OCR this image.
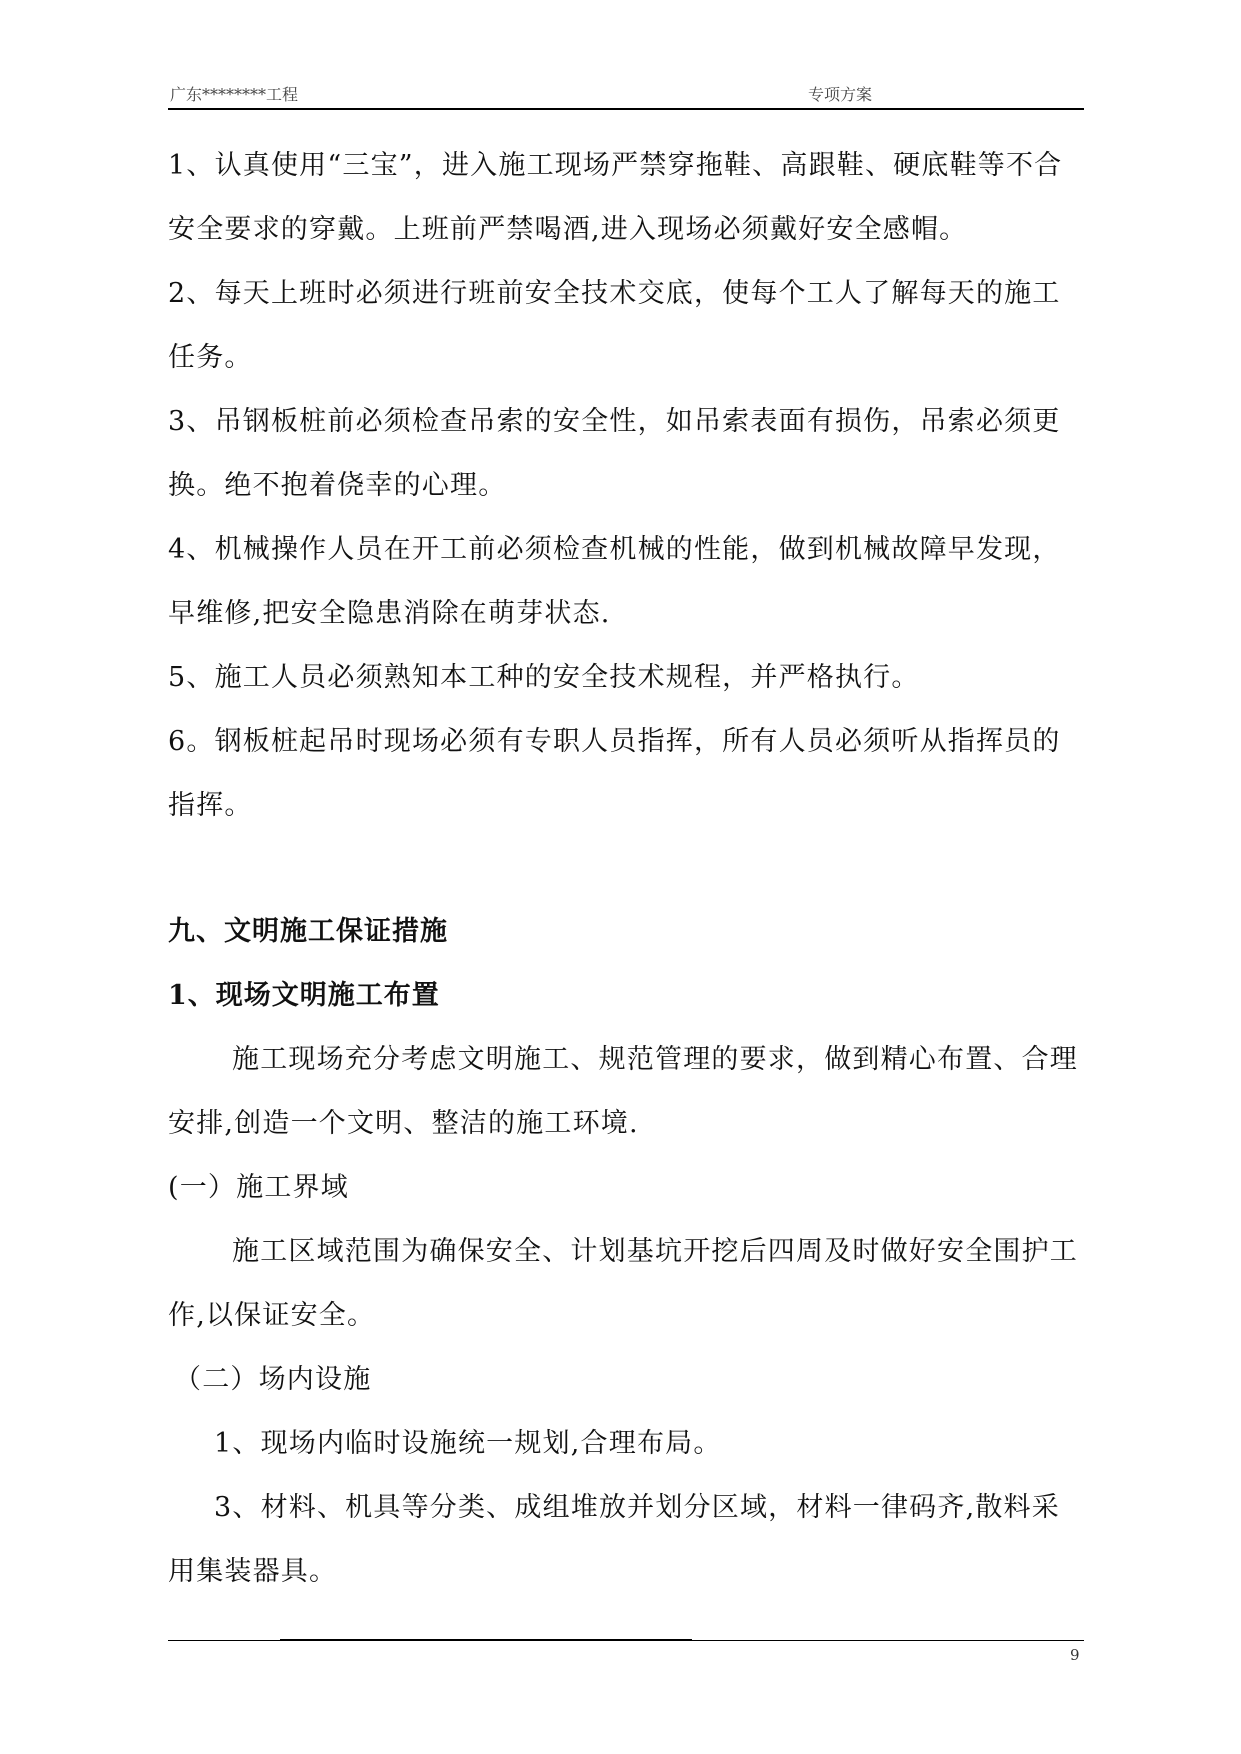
广东********工程	专项方案

1、认真使用“三宝”，进入施工现场严禁穿拖鞋、高跟鞋、硬底鞋等不合安全要求的穿戴。上班前严禁喝酒,进入现场必须戴好安全感帽。

2、每天上班时必须进行班前安全技术交底，使每个工人了解每天的施工任务。

3、吊钢板桩前必须检查吊索的安全性，如吊索表面有损伤，吊索必须更换。绝不抱着侥幸的心理。

4、机械操作人员在开工前必须检查机械的性能，做到机械故障早发现，早维修,把安全隐患消除在萌芽状态.

5、施工人员必须熟知本工种的安全技术规程，并严格执行。

6。钢板桩起吊时现场必须有专职人员指挥，所有人员必须听从指挥员的指挥。

九、文明施工保证措施

1、现场文明施工布置

施工现场充分考虑文明施工、规范管理的要求，做到精心布置、合理安排,创造一个文明、整洁的施工环境.

(一）施工界域

施工区域范围为确保安全、计划基坑开挖后四周及时做好安全围护工作,以保证安全。

（二）场内设施

1、现场内临时设施统一规划,合理布局。

3、材料、机具等分类、成组堆放并划分区域，材料一律码齐,散料采用集装器具。

9
